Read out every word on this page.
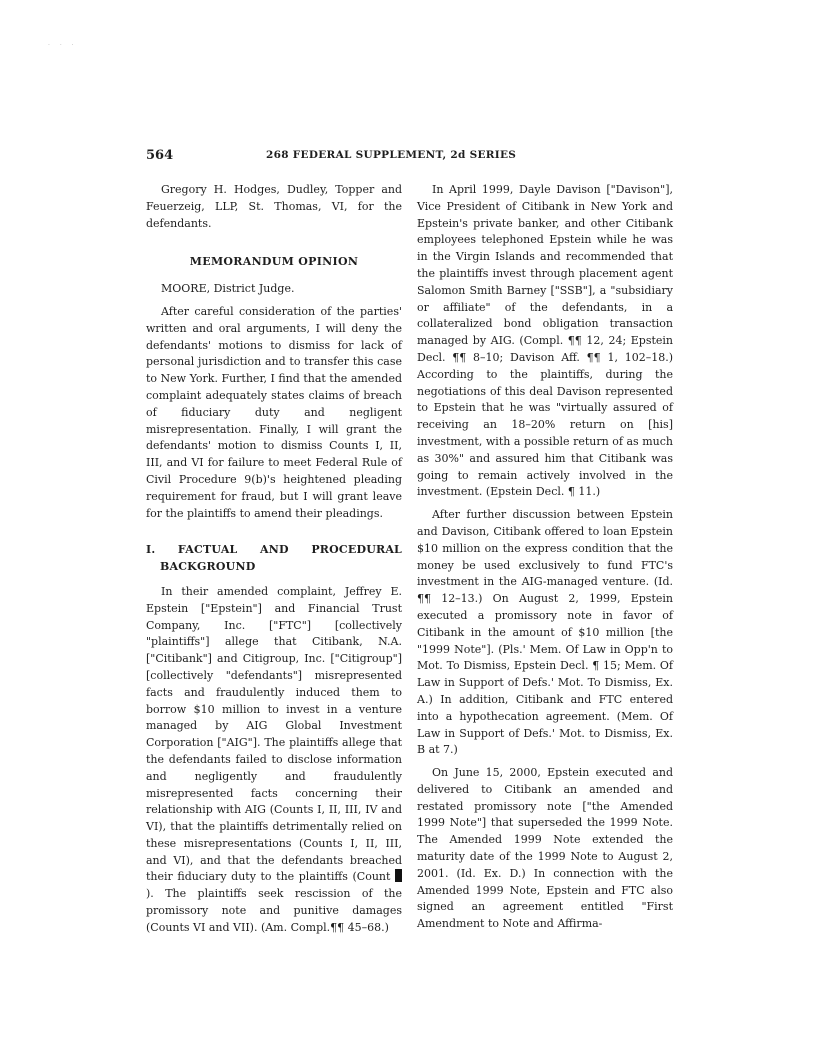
· · ·
564	268 FEDERAL SUPPLEMENT, 2d SERIES

Gregory H. Hodges, Dudley, Topper and Feuerzeig, LLP, St. Thomas, VI, for the defendants.

MEMORANDUM OPINION

MOORE, District Judge.

After careful consideration of the parties' written and oral arguments, I will deny the defendants' motions to dismiss for lack of personal jurisdiction and to transfer this case to New York. Further, I find that the amended complaint adequately states claims of breach of fiduciary duty and negligent misrepresentation. Finally, I will grant the defendants' motion to dismiss Counts I, II, III, and VI for failure to meet Federal Rule of Civil Procedure 9(b)'s heightened pleading requirement for fraud, but I will grant leave for the plaintiffs to amend their pleadings.

I. FACTUAL AND PROCEDURAL BACKGROUND

In their amended complaint, Jeffrey E. Epstein ["Epstein"] and Financial Trust Company, Inc. ["FTC"] [collectively "plaintiffs"] allege that Citibank, N.A. ["Citibank"] and Citigroup, Inc. ["Citigroup"] [collectively "defendants"] misrepresented facts and fraudulently induced them to borrow $10 million to invest in a venture managed by AIG Global Investment Corporation ["AIG"]. The plaintiffs allege that the defendants failed to disclose information and negligently and fraudulently misrepresented facts concerning their relationship with AIG (Counts I, II, III, IV and VI), that the plaintiffs detrimentally relied on these misrepresentations (Counts I, II, III, and VI), and that the defendants breached their fiduciary duty to the plaintiffs (Count ). The plaintiffs seek rescission of the promissory note and punitive damages (Counts VI and VII). (Am. Compl.¶¶ 45–68.)

In April 1999, Dayle Davison ["Davison"], Vice President of Citibank in New York and Epstein's private banker, and other Citibank employees telephoned Epstein while he was in the Virgin Islands and recommended that the plaintiffs invest through placement agent Salomon Smith Barney ["SSB"], a "subsidiary or affiliate" of the defendants, in a collateralized bond obligation transaction managed by AIG. (Compl. ¶¶ 12, 24; Epstein Decl. ¶¶ 8–10; Davison Aff. ¶¶ 1, 102–18.) According to the plaintiffs, during the negotiations of this deal Davison represented to Epstein that he was "virtually assured of receiving an 18–20% return on [his] investment, with a possible return of as much as 30%" and assured him that Citibank was going to remain actively involved in the investment. (Epstein Decl. ¶ 11.)

After further discussion between Epstein and Davison, Citibank offered to loan Epstein $10 million on the express condition that the money be used exclusively to fund FTC's investment in the AIG-managed venture. (Id. ¶¶ 12–13.) On August 2, 1999, Epstein executed a promissory note in favor of Citibank in the amount of $10 million [the "1999 Note"]. (Pls.' Mem. Of Law in Opp'n to Mot. To Dismiss, Epstein Decl. ¶ 15; Mem. Of Law in Support of Defs.' Mot. To Dismiss, Ex. A.) In addition, Citibank and FTC entered into a hypothecation agreement. (Mem. Of Law in Support of Defs.' Mot. to Dismiss, Ex. B at 7.)

On June 15, 2000, Epstein executed and delivered to Citibank an amended and restated promissory note ["the Amended 1999 Note"] that superseded the 1999 Note. The Amended 1999 Note extended the maturity date of the 1999 Note to August 2, 2001. (Id. Ex. D.) In connection with the Amended 1999 Note, Epstein and FTC also signed an agreement entitled "First Amendment to Note and Affirma-
